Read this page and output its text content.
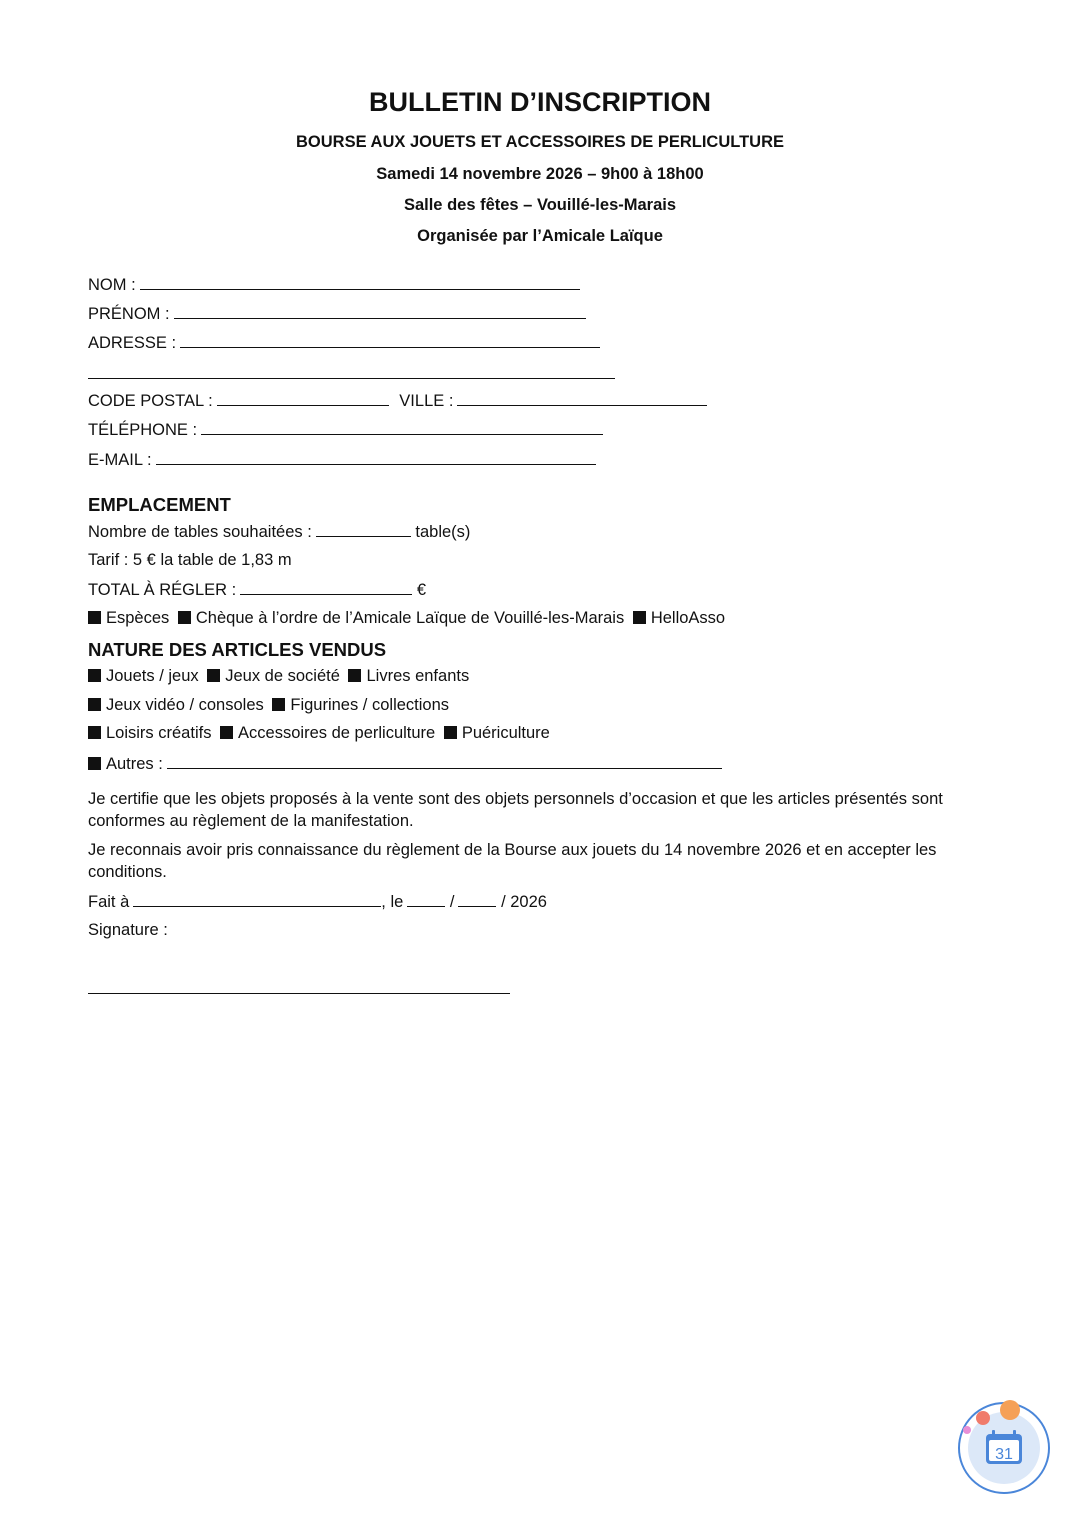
BULLETIN D’INSCRIPTION
BOURSE AUX JOUETS ET ACCESSOIRES DE PERLICULTURE
Samedi 14 novembre 2026 – 9h00 à 18h00
Salle des fêtes – Vouillé-les-Marais
Organisée par l’Amicale Laïque
NOM :
PRÉNOM :
ADRESSE :
CODE POSTAL :	VILLE :
TÉLÉPHONE :
E-MAIL :
EMPLACEMENT
Nombre de tables souhaitées :	table(s)
Tarif : 5 € la table de 1,83 m
TOTAL À RÉGLER :	€
Espèces Chèque à l’ordre de l’Amicale Laïque de Vouillé-les-Marais HelloAsso
NATURE DES ARTICLES VENDUS
Jouets / jeux Jeux de société Livres enfants
Jeux vidéo / consoles Figurines / collections
Loisirs créatifs Accessoires de perliculture Puériculture
Autres :
Je certifie que les objets proposés à la vente sont des objets personnels d’occasion et que les articles présentés sont conformes au règlement de la manifestation.
Je reconnais avoir pris connaissance du règlement de la Bourse aux jouets du 14 novembre 2026 et en accepter les conditions.
Fait à	, le	/	/ 2026
Signature :
31
